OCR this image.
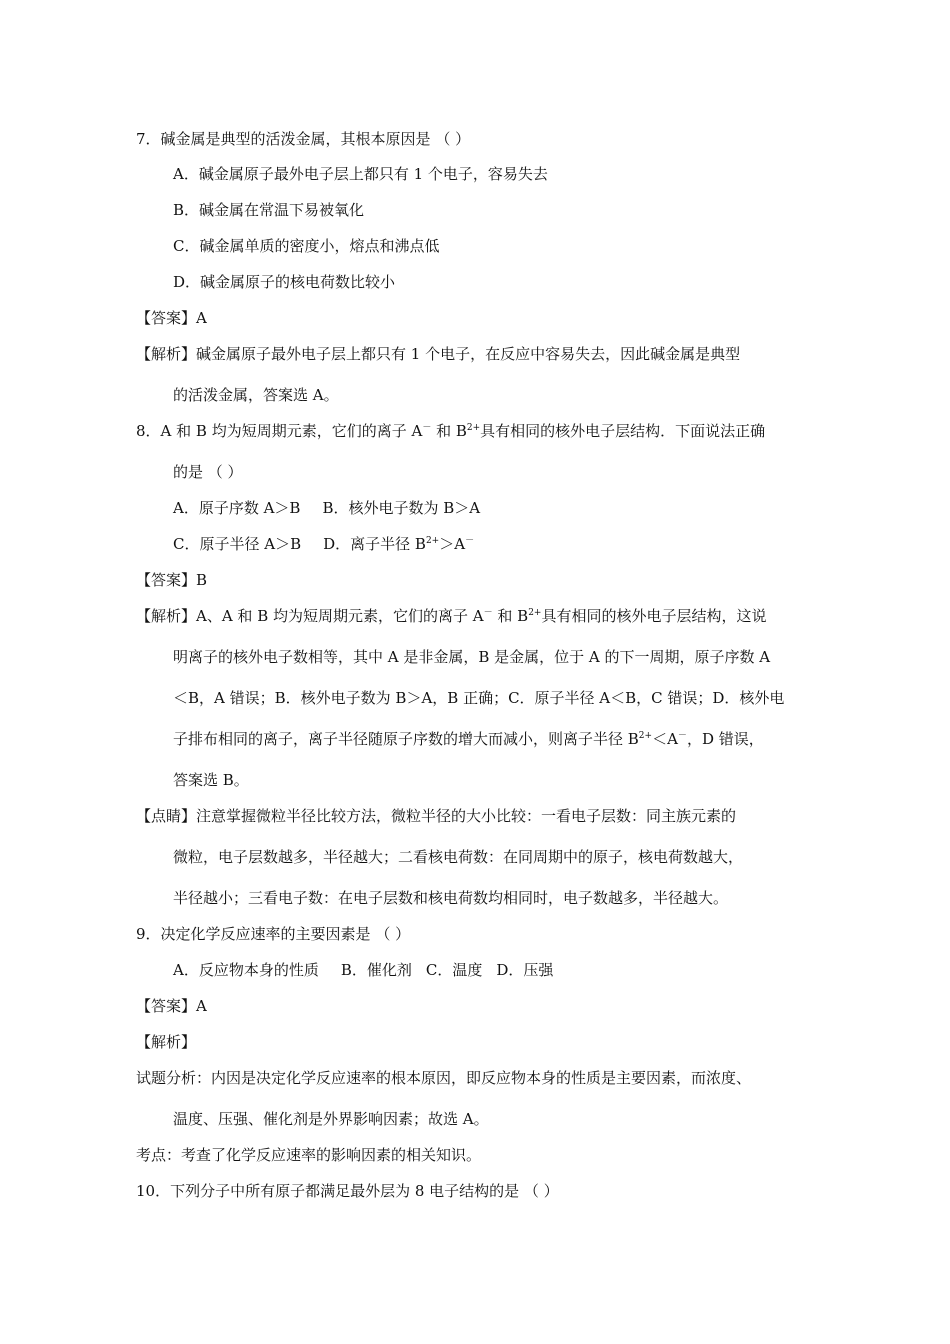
7．碱金属是典型的活泼金属，其根本原因是 （ ）
A．碱金属原子最外电子层上都只有 1 个电子，容易失去
B．碱金属在常温下易被氧化
C．碱金属单质的密度小，熔点和沸点低
D．碱金属原子的核电荷数比较小
【答案】A
【解析】碱金属原子最外电子层上都只有 1 个电子，在反应中容易失去，因此碱金属是典型
的活泼金属，答案选 A。
8．A 和 B 均为短周期元素，它们的离子 A－ 和 $B^{2+}$具有相同的核外电子层结构．下面说法正确
的是 （ ）
A．原子序数 A＞B B．核外电子数为 B＞A
C．原子半径 A＞B D．离子半径 $B^{2+}>A^-$
【答案】B
【解析】A、A 和 B 均为短周期元素，它们的离子 A－ 和 $B^{2+}$具有相同的核外电子层结构，这说
明离子的核外电子数相等，其中 A 是非金属，B 是金属，位于 A 的下一周期，原子序数 A
＜B，A 错误；B．核外电子数为 B＞A，B 正确；C．原子半径 A＜B，C 错误；D．核外电
子排布相同的离子，离子半径随原子序数的增大而减小，则离子半径 $B^{2+}<A^-$，D 错误，
答案选 B。
【点睛】注意掌握微粒半径比较方法，微粒半径的大小比较：一看电子层数：同主族元素的
微粒，电子层数越多，半径越大；二看核电荷数：在同周期中的原子，核电荷数越大，
半径越小；三看电子数：在电子层数和核电荷数均相同时，电子数越多，半径越大。
9．决定化学反应速率的主要因素是 （ ）
A．反应物本身的性质 B．催化剂 C．温度 D．压强
【答案】A
【解析】
试题分析：内因是决定化学反应速率的根本原因，即反应物本身的性质是主要因素，而浓度、
温度、压强、催化剂是外界影响因素；故选 A。
考点：考查了化学反应速率的影响因素的相关知识。
10．下列分子中所有原子都满足最外层为 8 电子结构的是 （ ）
